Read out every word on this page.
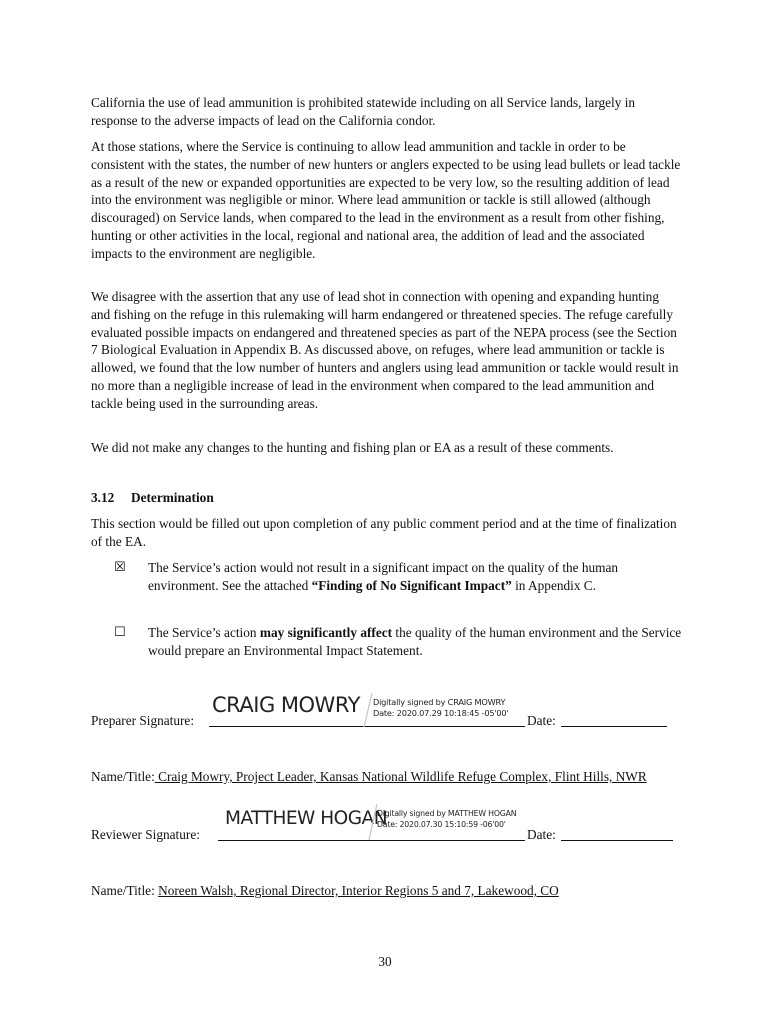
California the use of lead ammunition is prohibited statewide including on all Service lands, largely in response to the adverse impacts of lead on the California condor.

At those stations, where the Service is continuing to allow lead ammunition and tackle in order to be consistent with the states, the number of new hunters or anglers expected to be using lead bullets or lead tackle as a result of the new or expanded opportunities are expected to be very low, so the resulting addition of lead into the environment was negligible or minor. Where lead ammunition or tackle is still allowed (although discouraged) on Service lands, when compared to the lead in the environment as a result from other fishing, hunting or other activities in the local, regional and national area, the addition of lead and the associated impacts to the environment are negligible.

We disagree with the assertion that any use of lead shot in connection with opening and expanding hunting and fishing on the refuge in this rulemaking will harm endangered or threatened species. The refuge carefully evaluated possible impacts on endangered and threatened species as part of the NEPA process (see the Section 7 Biological Evaluation in Appendix B. As discussed above, on refuges, where lead ammunition or tackle is allowed, we found that the low number of hunters and anglers using lead ammunition or tackle would result in no more than a negligible increase of lead in the environment when compared to the lead ammunition and tackle being used in the surrounding areas.

We did not make any changes to the hunting and fishing plan or EA as a result of these comments.

3.12 Determination

This section would be filled out upon completion of any public comment period and at the time of finalization of the EA.

☒ The Service’s action would not result in a significant impact on the quality of the human environment. See the attached “Finding of No Significant Impact” in Appendix C.
☐ The Service’s action may significantly affect the quality of the human environment and the Service would prepare an Environmental Impact Statement.
Preparer Signature:
CRAIG MOWRY Digitally signed by CRAIG MOWRY
Date: 2020.07.29 10:18:45 -05'00'
Date:
Name/Title: Craig Mowry, Project Leader, Kansas National Wildlife Refuge Complex, Flint Hills, NWR
Reviewer Signature:
MATTHEW HOGAN
Digitally signed by MATTHEW HOGAN
Date: 2020.07.30 15:10:59 -06'00'
Date:
Name/Title: Noreen Walsh, Regional Director, Interior Regions 5 and 7, Lakewood, CO
30
